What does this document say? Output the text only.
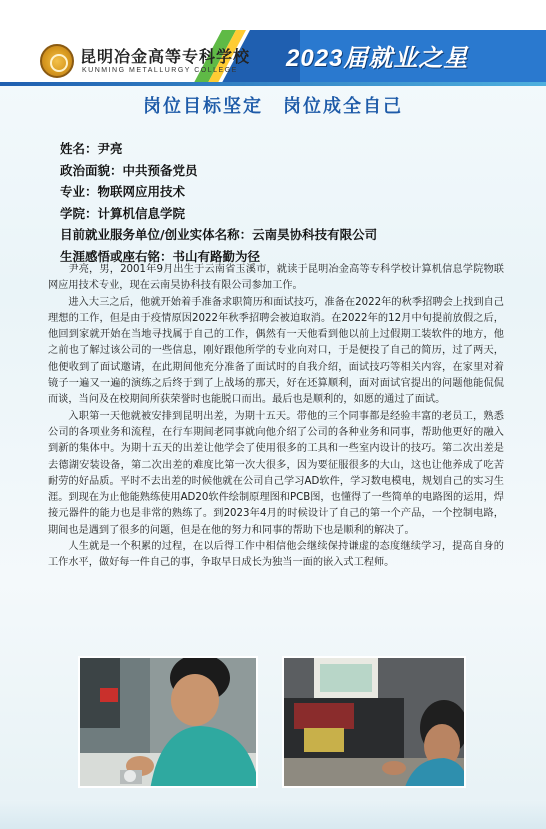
昆明冶金高等专科学校
KUNMING METALLURGY COLLEGE 2023届就业之星
岗位目标坚定　岗位成全自己
姓名：尹亮
政治面貌：中共预备党员
专业：物联网应用技术
学院：计算机信息学院
目前就业服务单位/创业实体名称：云南昊协科技有限公司
生涯感悟或座右铭：书山有路勤为径

尹亮，男，2001年9月出生于云南省玉溪市，就读于昆明冶金高等专科学校计算机信息学院物联网应用技术专业，现在云南昊协科技有限公司参加工作。

进入大三之后，他就开始着手准备求职简历和面试技巧，准备在2022年的秋季招聘会上找到自己理想的工作，但是由于疫情原因2022年秋季招聘会被迫取消。在2022年的12月中旬提前放假之后，他回到家就开始在当地寻找属于自己的工作，偶然有一天他看到他以前上过假期工装软件的地方，他之前也了解过该公司的一些信息，刚好跟他所学的专业向对口，于是便投了自己的简历，过了两天，他便收到了面试邀请，在此期间他充分准备了面试时的自我介绍，面试技巧等相关内容，在家里对着镜子一遍又一遍的演练之后终于到了上战场的那天，好在还算顺利，面对面试官提出的问题他能侃侃而谈，当问及在校期间所获荣誉时也能脱口而出。最后也是顺利的，如愿的通过了面试。

入职第一天他就被安排到昆明出差，为期十五天。带他的三个同事都是经验丰富的老员工，熟悉公司的各项业务和流程，在行车期间老同事就向他介绍了公司的各种业务和同事，帮助他更好的融入到新的集体中。为期十五天的出差让他学会了使用很多的工具和一些室内设计的技巧。第二次出差是去德湖安装设备，第二次出差的难度比第一次大很多，因为要征服很多的大山，这也让他养成了吃苦耐劳的好品质。平时不去出差的时候他就在公司自己学习AD软件，学习数电模电，规划自己的实习生涯。到现在为止他能熟练使用AD20软件绘制原理图和PCB图，也懂得了一些简单的电路图的运用，焊接元器件的能力也是非常的熟练了。到2023年4月的时候设计了自己的第一个产品，一个控制电路，期间也是遇到了很多的问题，但是在他的努力和同事的帮助下也是顺利的解决了。

人生就是一个积累的过程，在以后得工作中相信他会继续保持谦虚的态度继续学习，提高自身的工作水平，做好每一件自己的事，争取早日成长为独当一面的嵌入式工程师。
